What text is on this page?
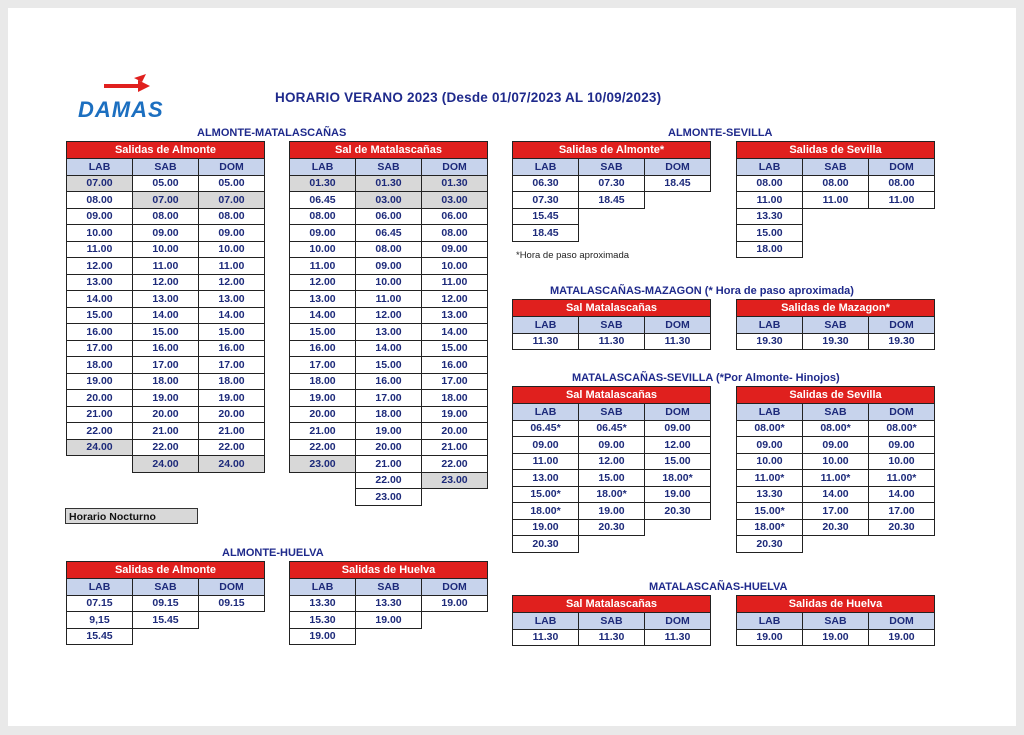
DAMAS	HORARIO VERANO 2023 (Desde 01/07/2023 AL 10/09/2023)
ALMONTE-MATALASCAÑAS	ALMONTE-SEVILLA
MATALASCAÑAS-MAZAGON (* Hora de paso aproximada)
MATALASCAÑAS-SEVILLA (*Por Almonte- Hinojos)
ALMONTE-HUELVA
MATALASCAÑAS-HUELVA
Salidas de Almonte		
LAB	SAB	DOM
07.00	05.00	05.00
08.00	07.00	07.00
09.00	08.00	08.00
10.00	09.00	09.00
11.00	10.00	10.00
12.00	11.00	11.00
13.00	12.00	12.00
14.00	13.00	13.00
15.00	14.00	14.00
16.00	15.00	15.00
17.00	16.00	16.00
18.00	17.00	17.00
19.00	18.00	18.00
20.00	19.00	19.00
21.00	20.00	20.00
22.00	21.00	21.00
24.00	22.00	22.00
	24.00	24.00
Sal de Matalascañas		
LAB	SAB	DOM
01.30	01.30	01.30
06.45	03.00	03.00
08.00	06.00	06.00
09.00	06.45	08.00
10.00	08.00	09.00
11.00	09.00	10.00
12.00	10.00	11.00
13.00	11.00	12.00
14.00	12.00	13.00
15.00	13.00	14.00
16.00	14.00	15.00
17.00	15.00	16.00
18.00	16.00	17.00
19.00	17.00	18.00
20.00	18.00	19.00
21.00	19.00	20.00
22.00	20.00	21.00
23.00	21.00	22.00
	22.00	23.00
	23.00	
Salidas de Almonte*		
LAB	SAB	DOM
06.30	07.30	18.45
07.30	18.45	
15.45		
18.45		
Salidas de Sevilla		
LAB	SAB	DOM
08.00	08.00	08.00
11.00	11.00	11.00
13.30		
15.00		
18.00		
Sal Matalascañas		
LAB	SAB	DOM
11.30	11.30	11.30
Salidas de Mazagon*		
LAB	SAB	DOM
19.30	19.30	19.30
Sal Matalascañas		
LAB	SAB	DOM
06.45*	06.45*	09.00
09.00	09.00	12.00
11.00	12.00	15.00
13.00	15.00	18.00*
15.00*	18.00*	19.00
18.00*	19.00	20.30
19.00	20.30	
20.30		
Salidas de Sevilla		
LAB	SAB	DOM
08.00*	08.00*	08.00*
09.00	09.00	09.00
10.00	10.00	10.00
11.00*	11.00*	11.00*
13.30	14.00	14.00
15.00*	17.00	17.00
18.00*	20.30	20.30
20.30		
Salidas de Almonte		
LAB	SAB	DOM
07.15	09.15	09.15
9,15	15.45	
15.45		
Salidas de Huelva		
LAB	SAB	DOM
13.30	13.30	19.00
15.30	19.00	
19.00		
Sal Matalascañas		
LAB	SAB	DOM
11.30	11.30	11.30
Salidas de Huelva		
LAB	SAB	DOM
19.00	19.00	19.00
*Hora de paso aproximada
Horario Nocturno
